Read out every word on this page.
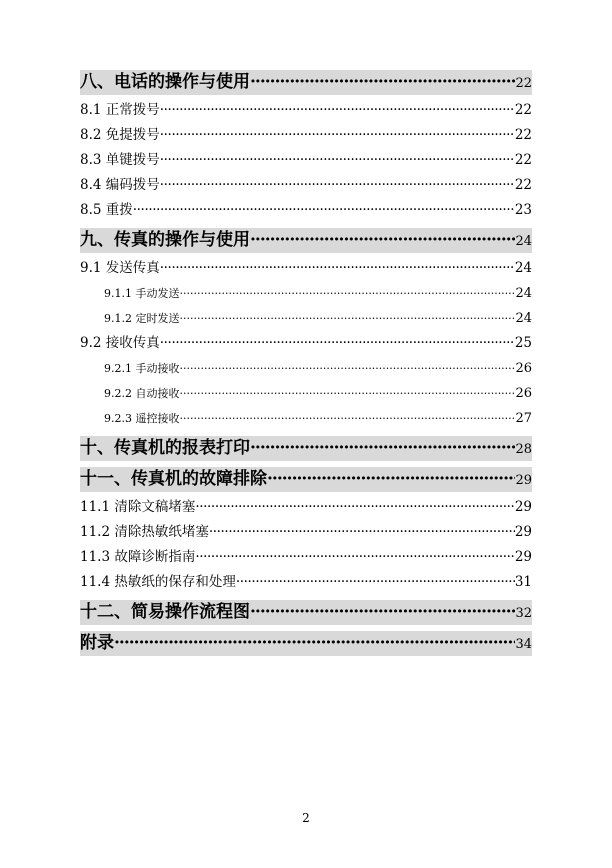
八、电话的操作与使用 ·····	22
8.1 正常拨号 ·····	22
8.2 免提拨号 ·····	22
8.3 单键拨号 ·····	22
8.4 编码拨号 ·····	22
8.5 重拨 ·····	23
九、传真的操作与使用 ·····	24
9.1 发送传真 ·····	24
9.1.1 手动发送 ·····	24
9.1.2 定时发送 ·····	24
9.2 接收传真 ·····	25
9.2.1 手动接收 ·····	26
9.2.2 自动接收 ·····	26
9.2.3 遥控接收 ·····	27
十、传真机的报表打印 ·····	28
十一、传真机的故障排除 ·····	29
11.1 清除文稿堵塞 ·····	29
11.2 清除热敏纸堵塞 ·····	29
11.3 故障诊断指南 ·····	29
11.4 热敏纸的保存和处理 ·····	31
十二、简易操作流程图 ·····	32
附录 ·····	34
2
